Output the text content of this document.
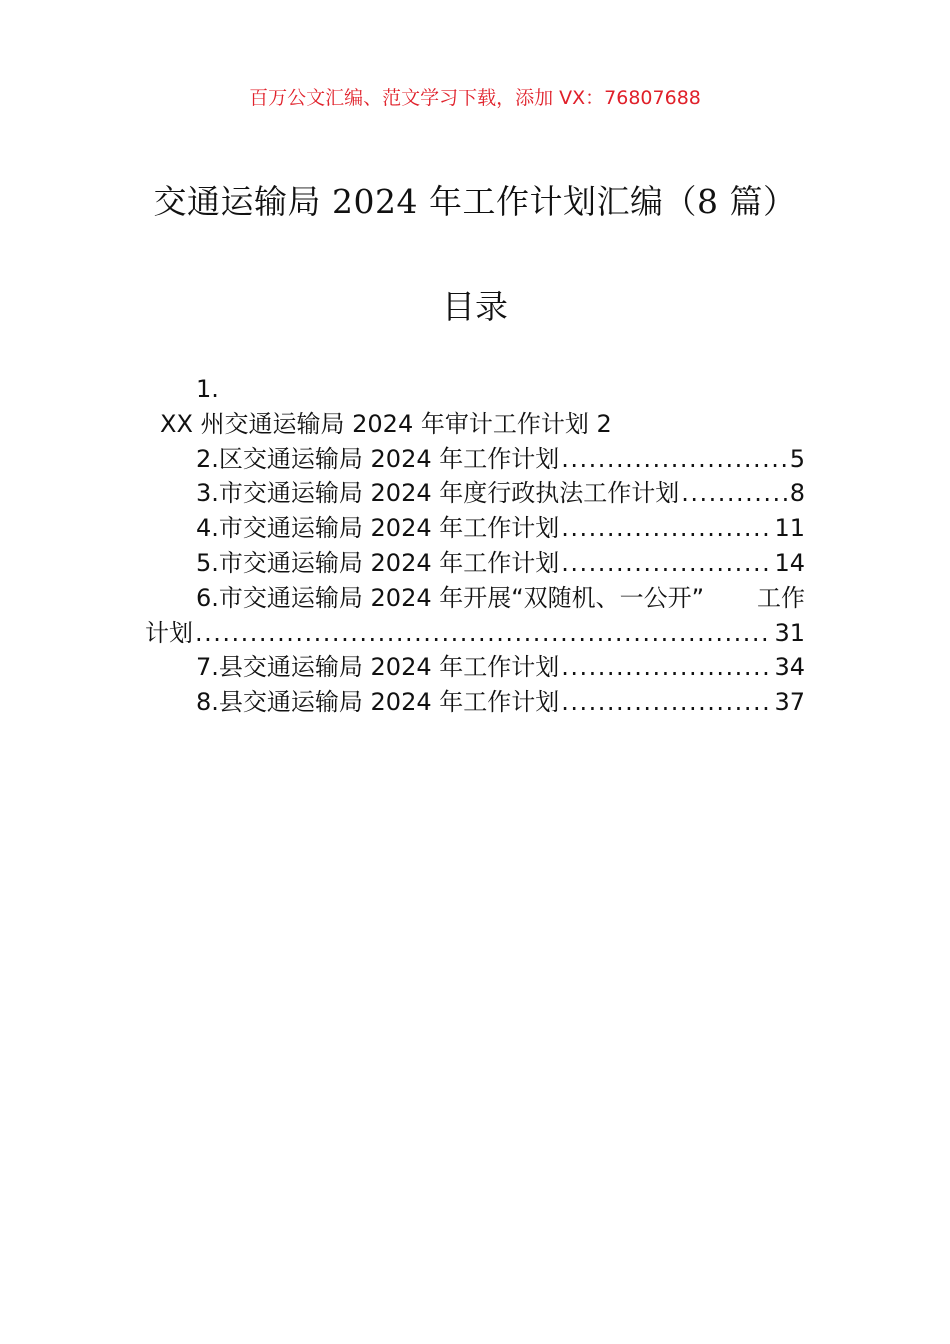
百万公文汇编、范文学习下载，添加 VX：76807688
交通运输局 2024 年工作计划汇编（8 篇）
目录
1.
XX 州交通运输局 2024 年审计工作计划 2
2.区交通运输局 2024 年工作计划 .....	5
3.市交通运输局 2024 年度行政执法工作计划 .....	8
4.市交通运输局 2024 年工作计划 .....	11
5.市交通运输局 2024 年工作计划 .....	14
6.市交通运输局 2024 年开展“双随机、一公开” 工作
计划 .....	31
7.县交通运输局 2024 年工作计划 .....	34
8.县交通运输局 2024 年工作计划 .....	37
